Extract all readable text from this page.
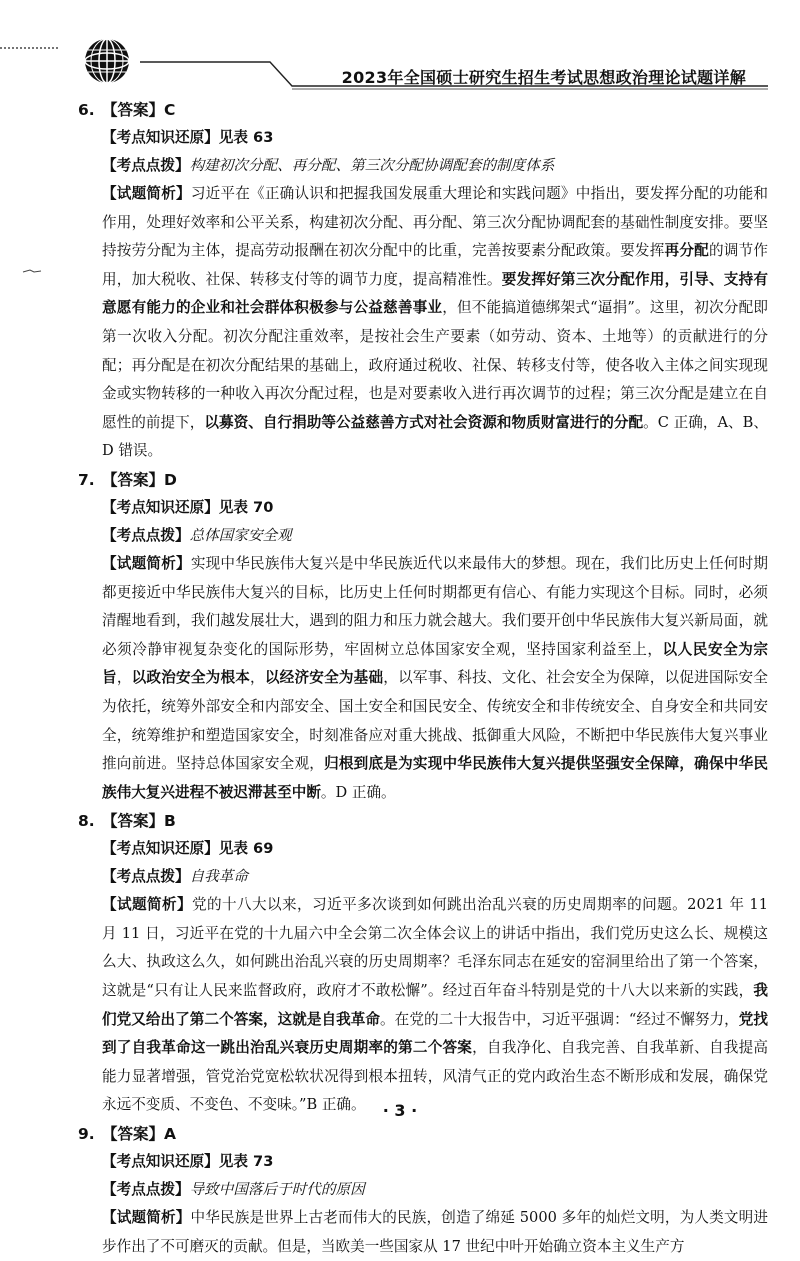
2023年全国硕士研究生招生考试思想政治理论试题详解
6. 【答案】C
【考点知识还原】见表 63
【考点点拨】构建初次分配、再分配、第三次分配协调配套的制度体系
【试题简析】习近平在《正确认识和把握我国发展重大理论和实践问题》中指出，要发挥分配的功能和作用，处理好效率和公平关系，构建初次分配、再分配、第三次分配协调配套的基础性制度安排。要坚持按劳分配为主体，提高劳动报酬在初次分配中的比重，完善按要素分配政策。要发挥再分配的调节作用，加大税收、社保、转移支付等的调节力度，提高精准性。要发挥好第三次分配作用，引导、支持有意愿有能力的企业和社会群体积极参与公益慈善事业，但不能搞道德绑架式“逼捐”。这里，初次分配即第一次收入分配。初次分配注重效率，是按社会生产要素（如劳动、资本、土地等）的贡献进行的分配；再分配是在初次分配结果的基础上，政府通过税收、社保、转移支付等，使各收入主体之间实现现金或实物转移的一种收入再次分配过程，也是对要素收入进行再次调节的过程；第三次分配是建立在自愿性的前提下，以募资、自行捐助等公益慈善方式对社会资源和物质财富进行的分配。C 正确，A、B、D 错误。
7. 【答案】D
【考点知识还原】见表 70
【考点点拨】总体国家安全观
【试题简析】实现中华民族伟大复兴是中华民族近代以来最伟大的梦想。现在，我们比历史上任何时期都更接近中华民族伟大复兴的目标，比历史上任何时期都更有信心、有能力实现这个目标。同时，必须清醒地看到，我们越发展壮大，遇到的阻力和压力就会越大。我们要开创中华民族伟大复兴新局面，就必须冷静审视复杂变化的国际形势，牢固树立总体国家安全观，坚持国家利益至上，以人民安全为宗旨，以政治安全为根本，以经济安全为基础，以军事、科技、文化、社会安全为保障，以促进国际安全为依托，统筹外部安全和内部安全、国土安全和国民安全、传统安全和非传统安全、自身安全和共同安全，统筹维护和塑造国家安全，时刻准备应对重大挑战、抵御重大风险，不断把中华民族伟大复兴事业推向前进。坚持总体国家安全观，归根到底是为实现中华民族伟大复兴提供坚强安全保障，确保中华民族伟大复兴进程不被迟滞甚至中断。D 正确。
8. 【答案】B
【考点知识还原】见表 69
【考点点拨】自我革命
【试题简析】党的十八大以来，习近平多次谈到如何跳出治乱兴衰的历史周期率的问题。2021 年 11 月 11 日，习近平在党的十九届六中全会第二次全体会议上的讲话中指出，我们党历史这么长、规模这么大、执政这么久，如何跳出治乱兴衰的历史周期率？毛泽东同志在延安的窑洞里给出了第一个答案，这就是“只有让人民来监督政府，政府才不敢松懈”。经过百年奋斗特别是党的十八大以来新的实践，我们党又给出了第二个答案，这就是自我革命。在党的二十大报告中，习近平强调：“经过不懈努力，党找到了自我革命这一跳出治乱兴衰历史周期率的第二个答案，自我净化、自我完善、自我革新、自我提高能力显著增强，管党治党宽松软状况得到根本扭转，风清气正的党内政治生态不断形成和发展，确保党永远不变质、不变色、不变味。”B 正确。
9. 【答案】A
【考点知识还原】见表 73
【考点点拨】导致中国落后于时代的原因
【试题简析】中华民族是世界上古老而伟大的民族，创造了绵延 5000 多年的灿烂文明，为人类文明进步作出了不可磨灭的贡献。但是，当欧美一些国家从 17 世纪中叶开始确立资本主义生产方
· 3 ·
